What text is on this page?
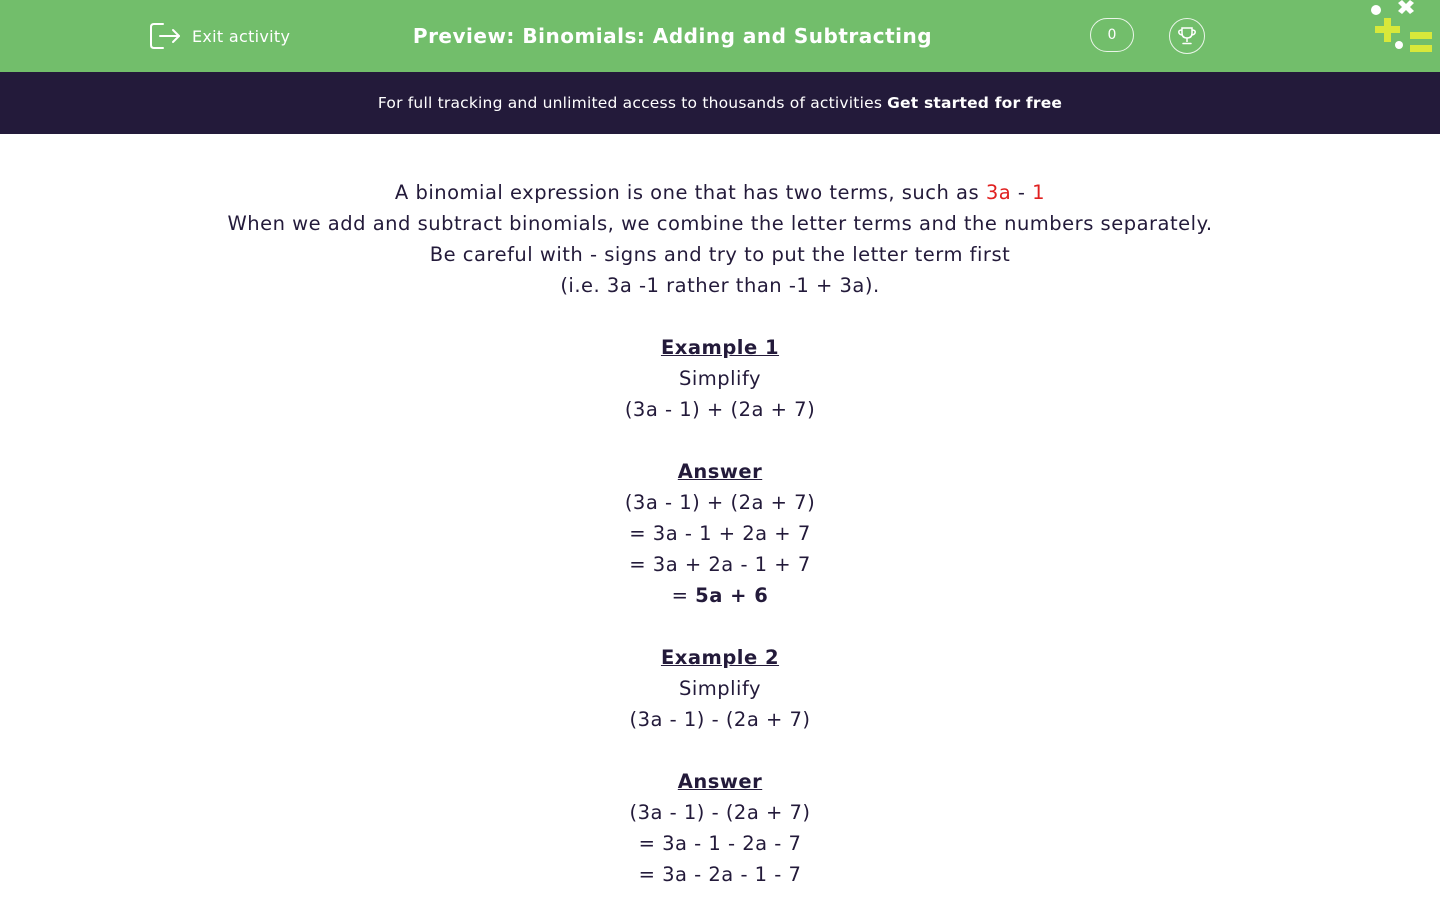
Exit activity	Preview: Binomials: Adding and Subtracting	0
For full tracking and unlimited access to thousands of activities Get started for free
A binomial expression is one that has two terms, such as 3a - 1
When we add and subtract binomials, we combine the letter terms and the numbers separately.
Be careful with - signs and try to put the letter term first
(i.e. 3a -1 rather than -1 + 3a).
Example 1
Simplify
(3a - 1) + (2a + 7)
Answer
(3a - 1) + (2a + 7)
= 3a - 1 + 2a + 7
= 3a + 2a - 1 + 7
= 5a + 6
Example 2
Simplify
(3a - 1) - (2a + 7)
Answer
(3a - 1) - (2a + 7)
= 3a - 1 - 2a - 7
= 3a - 2a - 1 - 7
